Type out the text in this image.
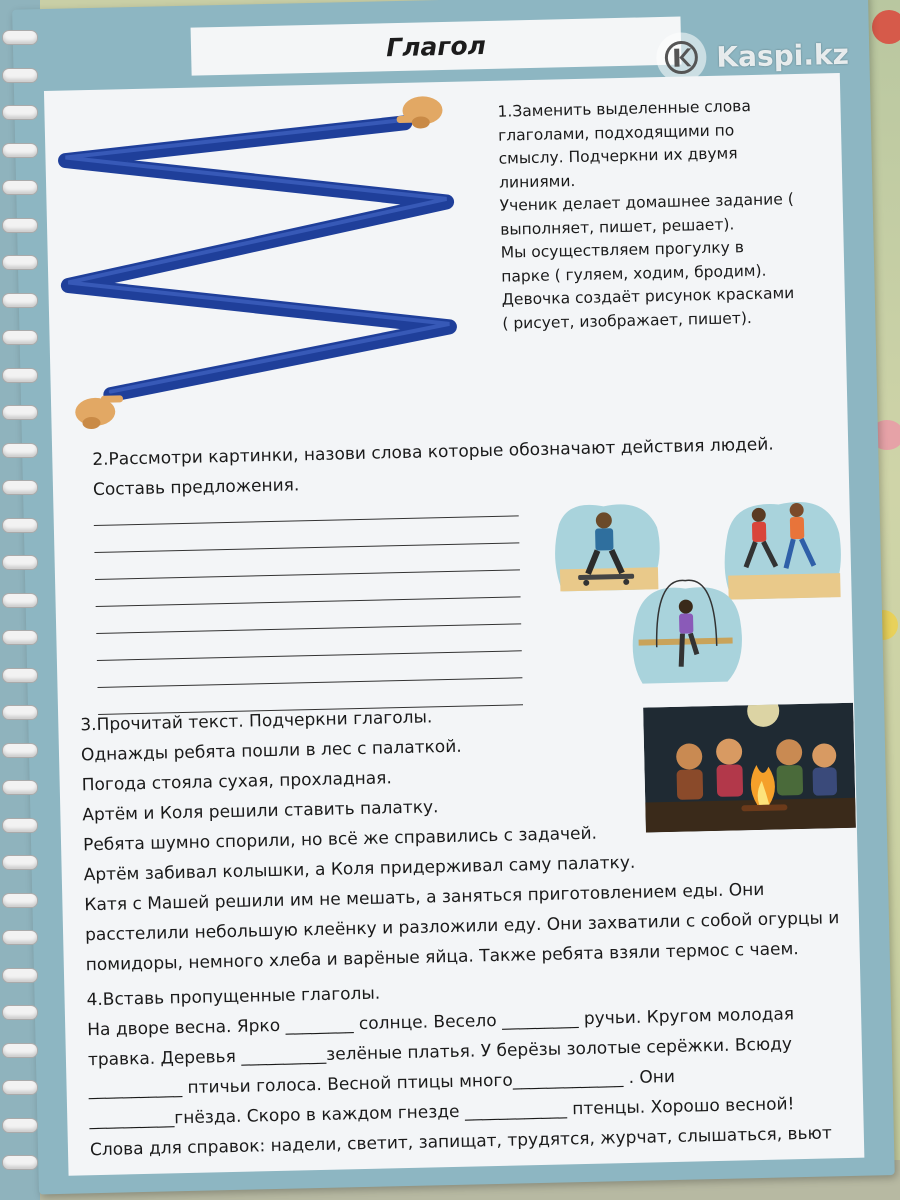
Глагол	Kaspi.kz
1.Заменить выделенные слова
глаголами, подходящими по
смыслу. Подчеркни их двумя
линиями.
Ученик делает домашнее задание (
выполняет, пишет, решает).
Мы осуществляем прогулку в
парке ( гуляем, ходим, бродим).
Девочка создаёт рисунок красками
( рисует, изображает, пишет).
2.Рассмотри картинки, назови слова которые обозначают действия людей.
Составь предложения.
3.Прочитай текст. Подчеркни глаголы.
Однажды ребята пошли в лес с палаткой.
Погода стояла сухая, прохладная.
Артём и Коля решили ставить палатку.
Ребята шумно спорили, но всё же справились с задачей.
Артём забивал колышки, а Коля придерживал саму палатку.
Катя с Машей решили им не мешать, а заняться приготовлением еды. Они
расстелили небольшую клеёнку и разложили еду. Они захватили с собой огурцы и
помидоры, немного хлеба и варёные яйца. Также ребята взяли термос с чаем.
4.Вставь пропущенные глаголы.
На дворе весна. Ярко ________ солнце. Весело _________ ручьи. Кругом молодая
травка. Деревья __________зелёные платья. У берёзы золотые серёжки. Всюду
___________ птичьи голоса. Весной птицы много_____________ . Они
__________гнёзда. Скоро в каждом гнезде ____________ птенцы. Хорошо весной!
Слова для справок: надели, светит, запищат, трудятся, журчат, слышаться, вьют
